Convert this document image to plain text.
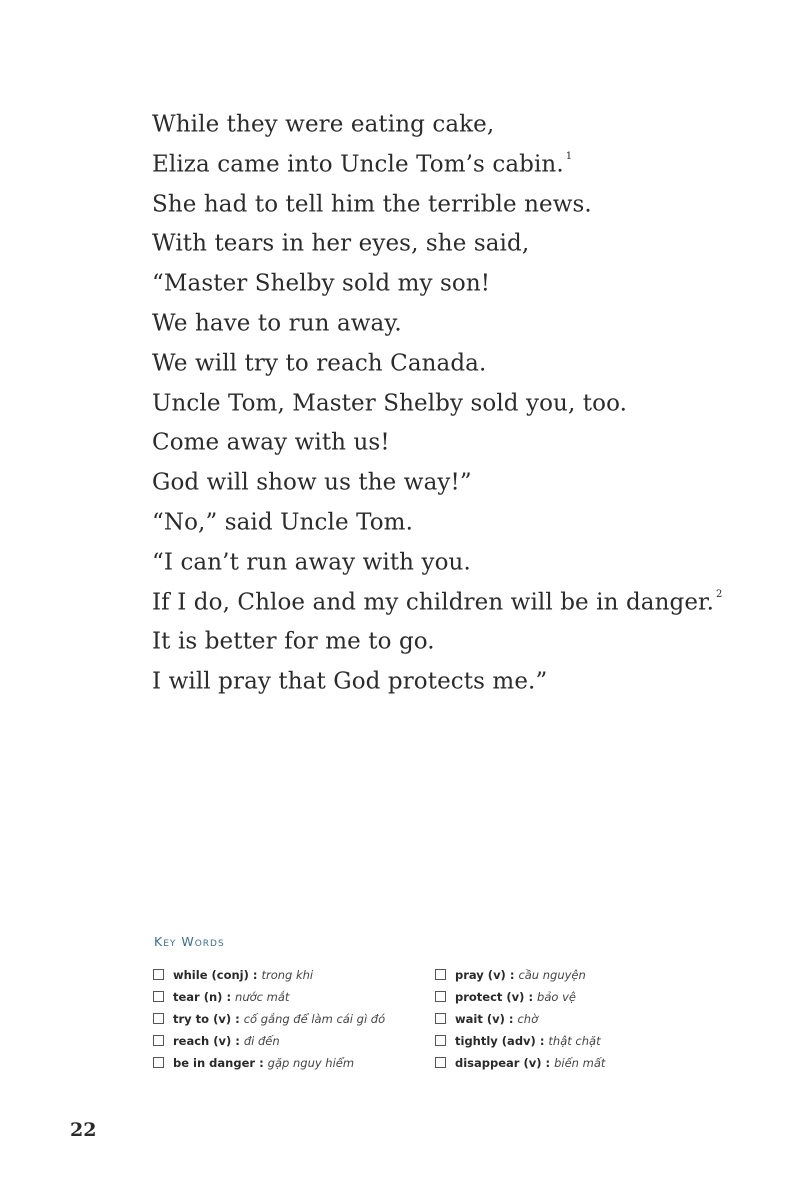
While they were eating cake,
Eliza came into Uncle Tom’s cabin. $^1$
She had to tell him the terrible news.
With tears in her eyes, she said,
“Master Shelby sold my son!
We have to run away.
We will try to reach Canada.
Uncle Tom, Master Shelby sold you, too.
Come away with us!
God will show us the way!”
“No,” said Uncle Tom.
“I can’t run away with you.
If I do, Chloe and my children will be in danger. $^2$
It is better for me to go.
I will pray that God protects me.”
Key Words
while (conj) : trong khi
tear (n) : nước mắt
try to (v) : cố gắng để làm cái gì đó
reach (v) : đi đến
be in danger : gặp nguy hiểm
pray (v) : cầu nguyện
protect (v) : bảo vệ
wait (v) : chờ
tightly (adv) : thật chặt
disappear (v) : biến mất
22
